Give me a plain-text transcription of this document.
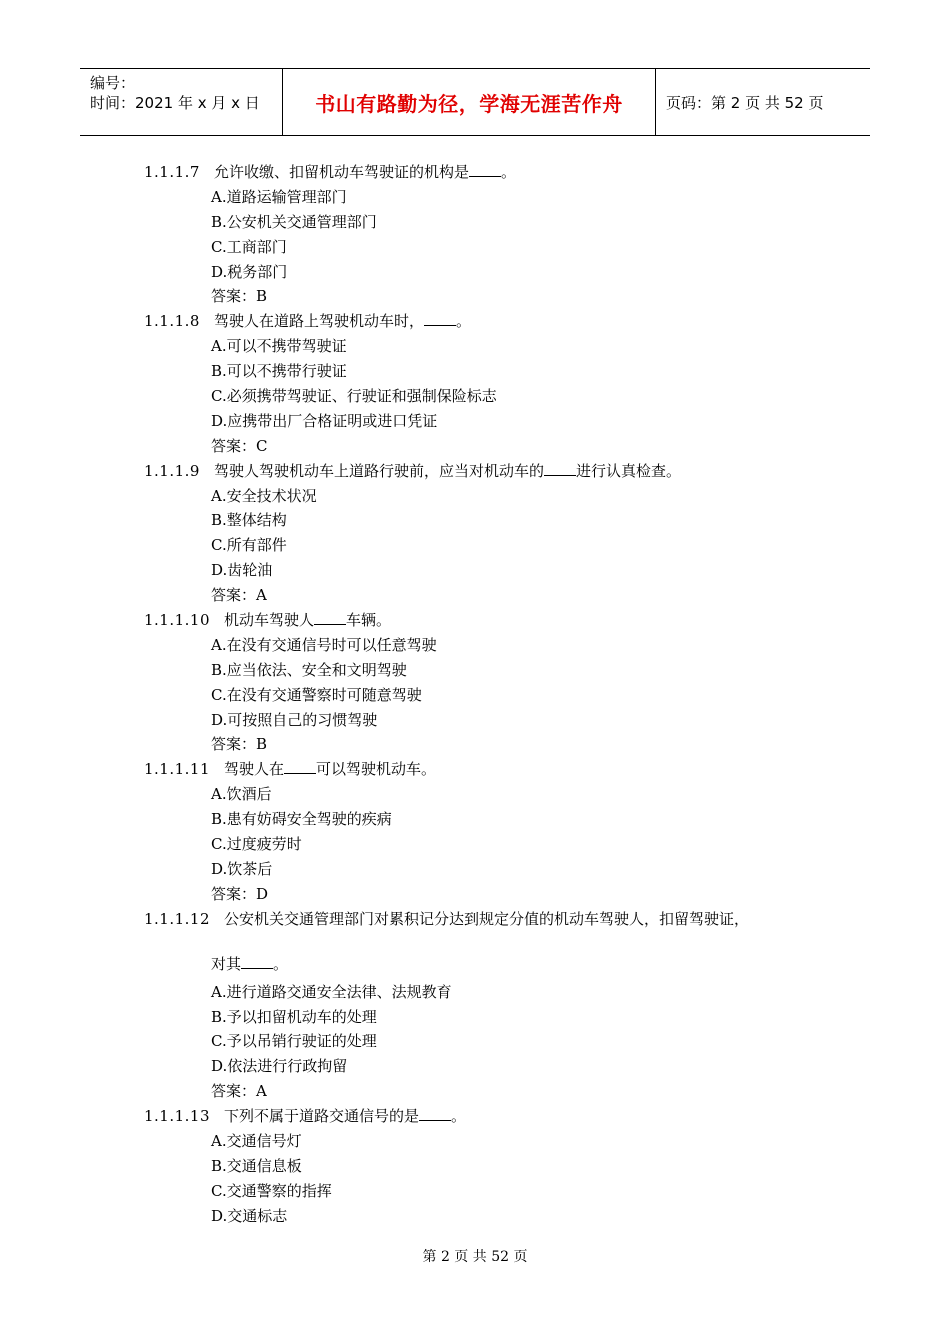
编号：
时间：2021 年 x 月 x 日	书山有路勤为径，学海无涯苦作舟	页码：第 2 页 共 52 页
1.1.1.7 允许收缴、扣留机动车驾驶证的机构是 。
A.道路运输管理部门
B.公安机关交通管理部门
C.工商部门
D.税务部门
答案：B
1.1.1.8 驾驶人在道路上驾驶机动车时， 。
A.可以不携带驾驶证
B.可以不携带行驶证
C.必须携带驾驶证、行驶证和强制保险标志
D.应携带出厂合格证明或进口凭证
答案：C
1.1.1.9 驾驶人驾驶机动车上道路行驶前，应当对机动车的 进行认真检查。
A.安全技术状况
B.整体结构
C.所有部件
D.齿轮油
答案：A
1.1.1.10 机动车驾驶人 车辆。
A.在没有交通信号时可以任意驾驶
B.应当依法、安全和文明驾驶
C.在没有交通警察时可随意驾驶
D.可按照自己的习惯驾驶
答案：B
1.1.1.11 驾驶人在 可以驾驶机动车。
A.饮酒后
B.患有妨碍安全驾驶的疾病
C.过度疲劳时
D.饮茶后
答案：D
1.1.1.12 公安机关交通管理部门对累积记分达到规定分值的机动车驾驶人，扣留驾驶证，
对其 。
A.进行道路交通安全法律、法规教育
B.予以扣留机动车的处理
C.予以吊销行驶证的处理
D.依法进行行政拘留
答案：A
1.1.1.13 下列不属于道路交通信号的是 。
A.交通信号灯
B.交通信息板
C.交通警察的指挥
D.交通标志
第 2 页 共 52 页
